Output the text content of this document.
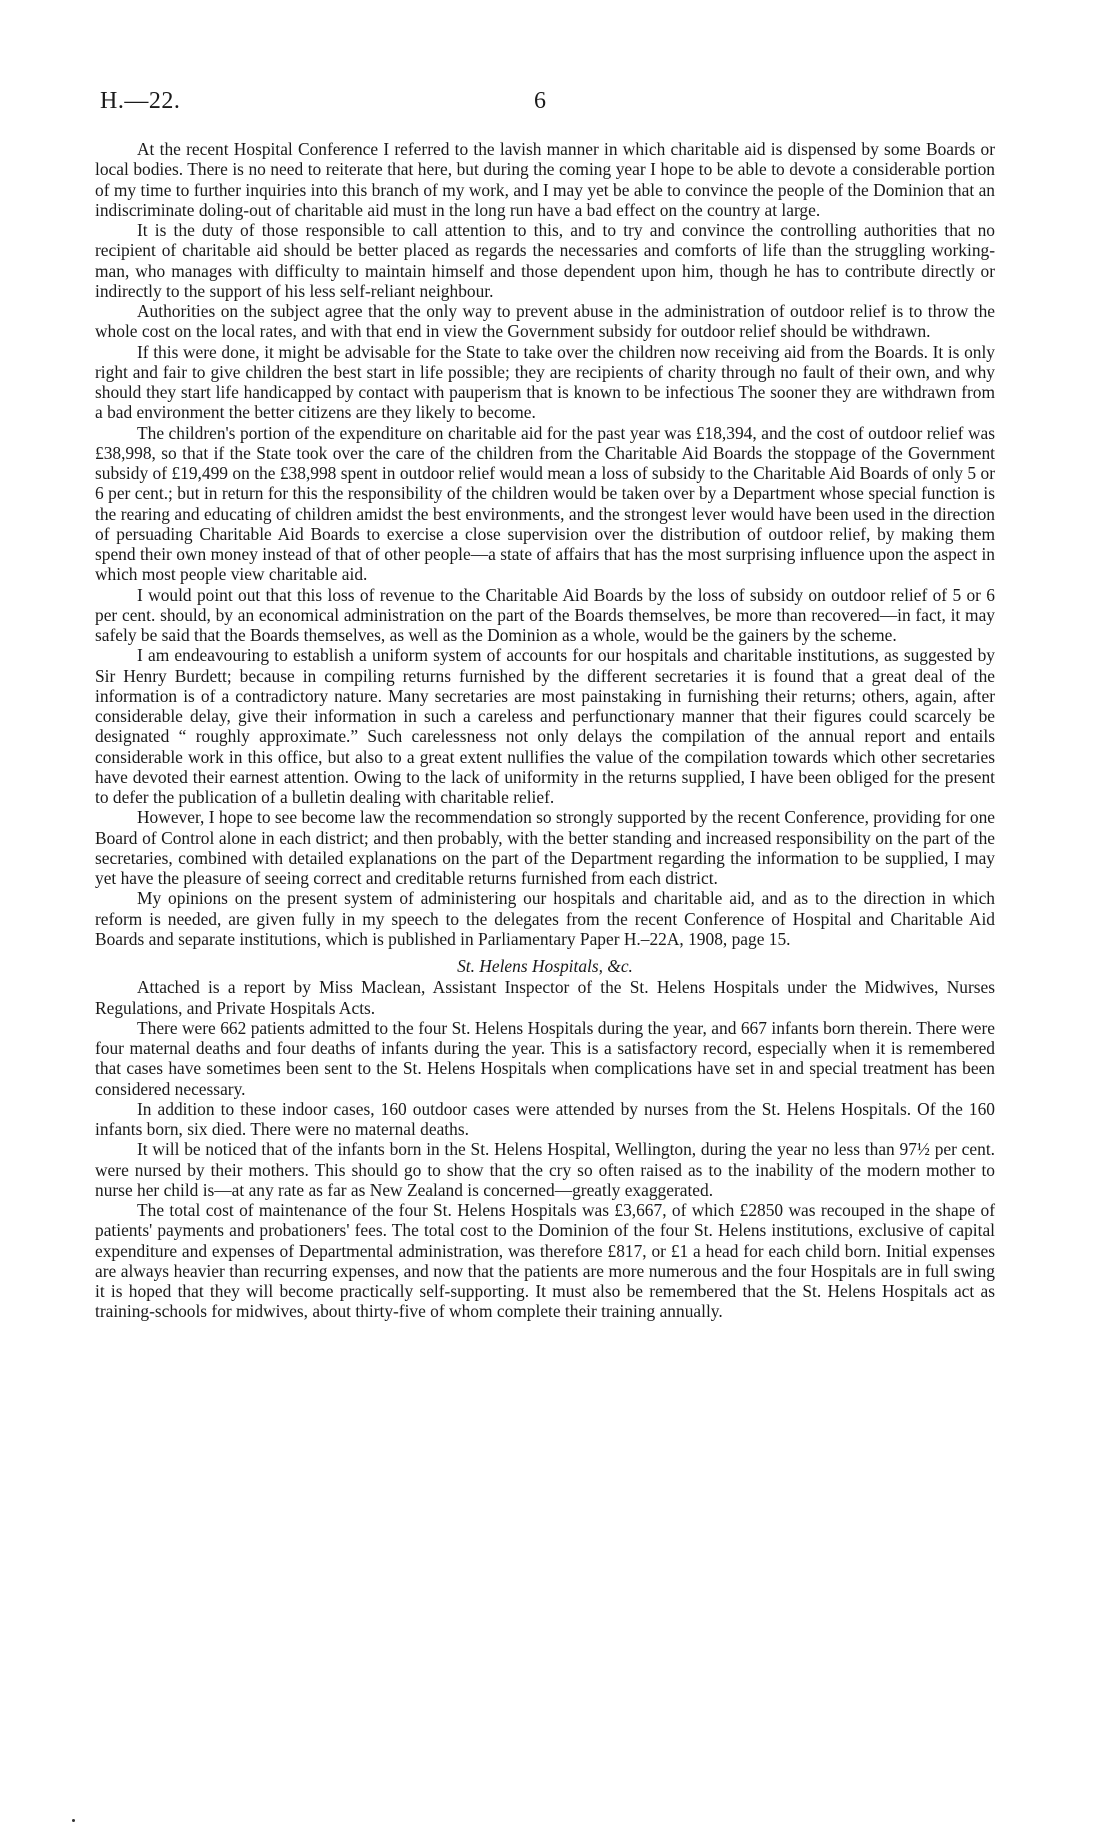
H.—22.	6

At the recent Hospital Conference I referred to the lavish manner in which charitable aid is dispensed by some Boards or local bodies. There is no need to reiterate that here, but during the coming year I hope to be able to devote a considerable portion of my time to further inquiries into this branch of my work, and I may yet be able to convince the people of the Dominion that an indiscriminate doling-out of charitable aid must in the long run have a bad effect on the country at large.

It is the duty of those responsible to call attention to this, and to try and convince the controlling authorities that no recipient of charitable aid should be better placed as regards the necessaries and comforts of life than the struggling working-man, who manages with difficulty to maintain himself and those dependent upon him, though he has to contribute directly or indirectly to the support of his less self-reliant neighbour.

Authorities on the subject agree that the only way to prevent abuse in the administration of outdoor relief is to throw the whole cost on the local rates, and with that end in view the Government subsidy for outdoor relief should be withdrawn.

If this were done, it might be advisable for the State to take over the children now receiving aid from the Boards. It is only right and fair to give children the best start in life possible; they are recipients of charity through no fault of their own, and why should they start life handicapped by contact with pauperism that is known to be infectious The sooner they are withdrawn from a bad environment the better citizens are they likely to become.

The children's portion of the expenditure on charitable aid for the past year was £18,394, and the cost of outdoor relief was £38,998, so that if the State took over the care of the children from the Charitable Aid Boards the stoppage of the Government subsidy of £19,499 on the £38,998 spent in outdoor relief would mean a loss of subsidy to the Charitable Aid Boards of only 5 or 6 per cent.; but in return for this the responsibility of the children would be taken over by a Department whose special function is the rearing and educating of children amidst the best environments, and the strongest lever would have been used in the direction of persuading Charitable Aid Boards to exercise a close supervision over the distribution of outdoor relief, by making them spend their own money instead of that of other people—a state of affairs that has the most surprising influence upon the aspect in which most people view charitable aid.

I would point out that this loss of revenue to the Charitable Aid Boards by the loss of subsidy on outdoor relief of 5 or 6 per cent. should, by an economical administration on the part of the Boards themselves, be more than recovered—in fact, it may safely be said that the Boards themselves, as well as the Dominion as a whole, would be the gainers by the scheme.

I am endeavouring to establish a uniform system of accounts for our hospitals and charitable institutions, as suggested by Sir Henry Burdett; because in compiling returns furnished by the different secretaries it is found that a great deal of the information is of a contradictory nature. Many secretaries are most painstaking in furnishing their returns; others, again, after considerable delay, give their information in such a careless and perfunctionary manner that their figures could scarcely be designated “ roughly approximate.” Such carelessness not only delays the compilation of the annual report and entails considerable work in this office, but also to a great extent nullifies the value of the compilation towards which other secretaries have devoted their earnest attention. Owing to the lack of uniformity in the returns supplied, I have been obliged for the present to defer the publication of a bulletin dealing with charitable relief.

However, I hope to see become law the recommendation so strongly supported by the recent Conference, providing for one Board of Control alone in each district; and then probably, with the better standing and increased responsibility on the part of the secretaries, combined with detailed explanations on the part of the Department regarding the information to be supplied, I may yet have the pleasure of seeing correct and creditable returns furnished from each district.

My opinions on the present system of administering our hospitals and charitable aid, and as to the direction in which reform is needed, are given fully in my speech to the delegates from the recent Conference of Hospital and Charitable Aid Boards and separate institutions, which is published in Parliamentary Paper H.–22A, 1908, page 15.

St. Helens Hospitals, &c.

Attached is a report by Miss Maclean, Assistant Inspector of the St. Helens Hospitals under the Midwives, Nurses Regulations, and Private Hospitals Acts.

There were 662 patients admitted to the four St. Helens Hospitals during the year, and 667 infants born therein. There were four maternal deaths and four deaths of infants during the year. This is a satisfactory record, especially when it is remembered that cases have sometimes been sent to the St. Helens Hospitals when complications have set in and special treatment has been considered necessary.

In addition to these indoor cases, 160 outdoor cases were attended by nurses from the St. Helens Hospitals. Of the 160 infants born, six died. There were no maternal deaths.

It will be noticed that of the infants born in the St. Helens Hospital, Wellington, during the year no less than 97½ per cent. were nursed by their mothers. This should go to show that the cry so often raised as to the inability of the modern mother to nurse her child is—at any rate as far as New Zealand is concerned—greatly exaggerated.

The total cost of maintenance of the four St. Helens Hospitals was £3,667, of which £2850 was recouped in the shape of patients' payments and probationers' fees. The total cost to the Dominion of the four St. Helens institutions, exclusive of capital expenditure and expenses of Departmental administration, was therefore £817, or £1 a head for each child born. Initial expenses are always heavier than recurring expenses, and now that the patients are more numerous and the four Hospitals are in full swing it is hoped that they will become practically self-supporting. It must also be remembered that the St. Helens Hospitals act as training-schools for midwives, about thirty-five of whom complete their training annually.
